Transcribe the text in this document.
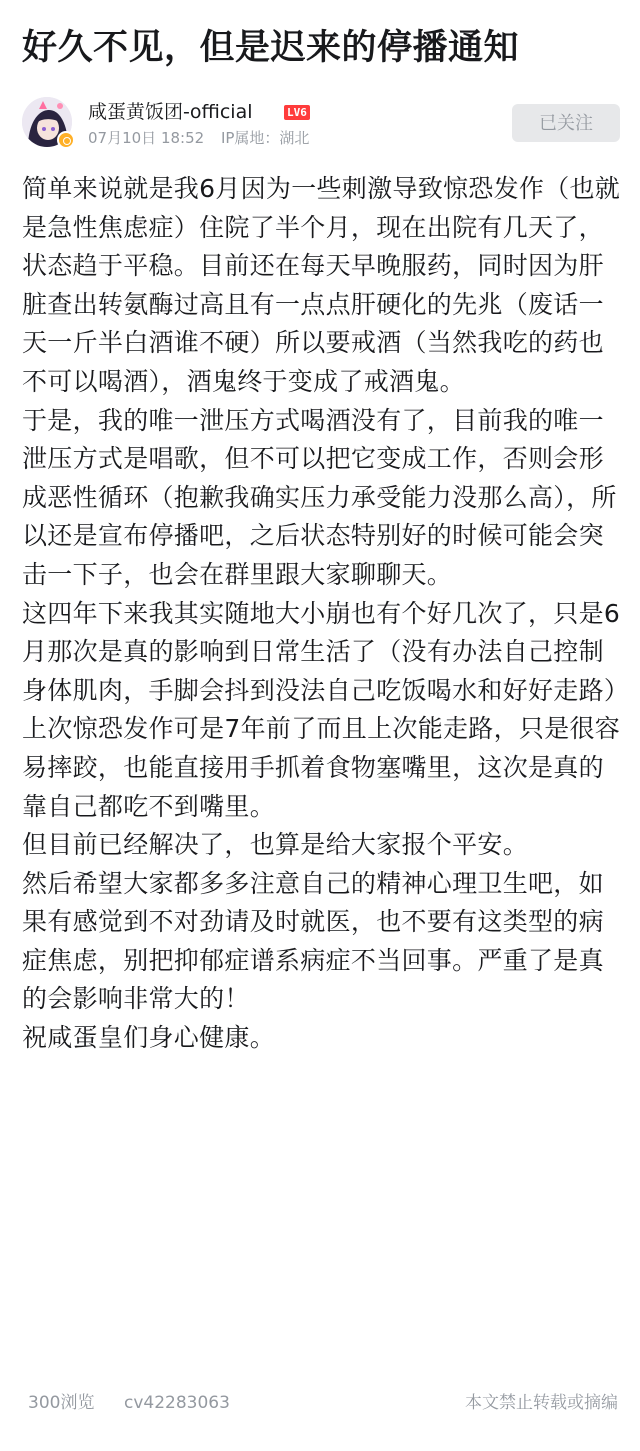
好久不见，但是迟来的停播通知
咸蛋黄饭团-official	LV6
07月10日 18:52 IP属地：湖北
已关注

简单来说就是我6月因为一些刺激导致惊恐发作（也就是急性焦虑症）住院了半个月，现在出院有几天了，状态趋于平稳。目前还在每天早晚服药，同时因为肝脏查出转氨酶过高且有一点点肝硬化的先兆（废话一天一斤半白酒谁不硬）所以要戒酒（当然我吃的药也不可以喝酒），酒鬼终于变成了戒酒鬼。

于是，我的唯一泄压方式喝酒没有了，目前我的唯一泄压方式是唱歌，但不可以把它变成工作，否则会形成恶性循环（抱歉我确实压力承受能力没那么高），所以还是宣布停播吧，之后状态特别好的时候可能会突击一下子，也会在群里跟大家聊聊天。

这四年下来我其实随地大小崩也有个好几次了，只是6月那次是真的影响到日常生活了（没有办法自己控制身体肌肉，手脚会抖到没法自己吃饭喝水和好好走路）上次惊恐发作可是7年前了而且上次能走路，只是很容易摔跤，也能直接用手抓着食物塞嘴里，这次是真的靠自己都吃不到嘴里。

但目前已经解决了，也算是给大家报个平安。

然后希望大家都多多注意自己的精神心理卫生吧，如果有感觉到不对劲请及时就医，也不要有这类型的病症焦虑，别把抑郁症谱系病症不当回事。严重了是真的会影响非常大的！

祝咸蛋皇们身心健康。

300浏览 cv42283063	本文禁止转载或摘编
